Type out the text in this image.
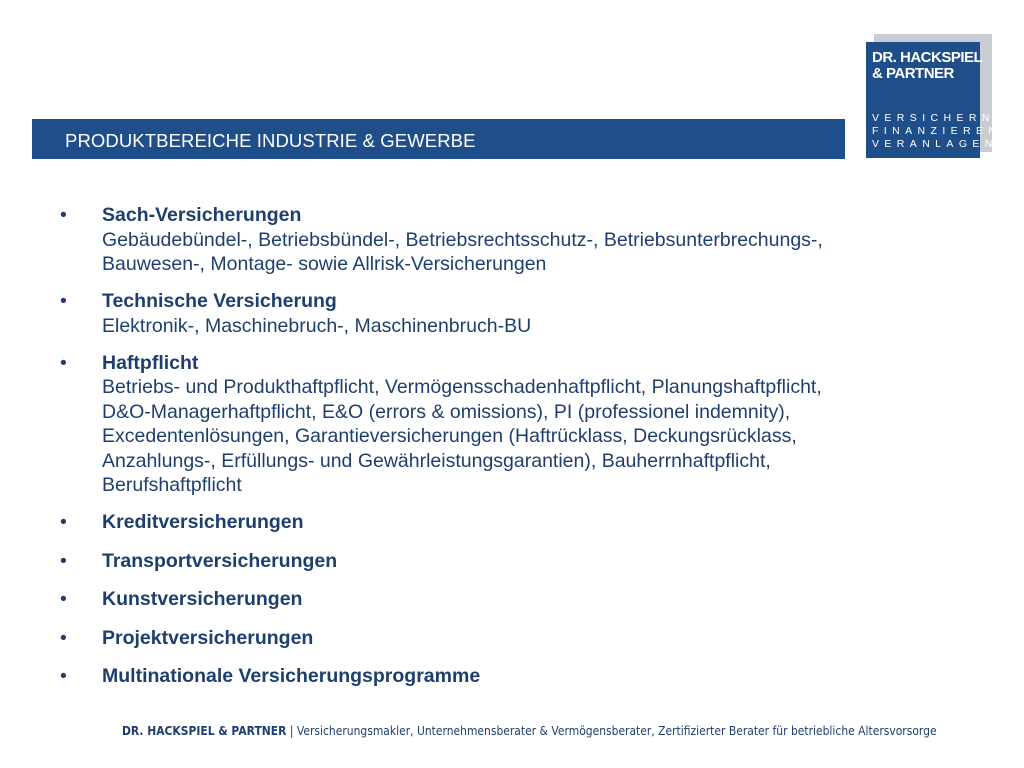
PRODUKTBEREICHE INDUSTRIE & GEWERBE
DR. HACKSPIEL
& PARTNER
VERSICHERN
FINANZIEREN
VERANLAGEN
• Sach-Versicherungen
Gebäudebündel-, Betriebsbündel-, Betriebsrechtsschutz-, Betriebsunterbrechungs-,
Bauwesen-, Montage- sowie Allrisk-Versicherungen
• Technische Versicherung
Elektronik-, Maschinebruch-, Maschinenbruch-BU
• Haftpflicht
Betriebs- und Produkthaftpflicht, Vermögensschadenhaftpflicht, Planungshaftpflicht,
D&O-Managerhaftpflicht, E&O (errors & omissions), PI (professionel indemnity),
Excedentenlösungen, Garantieversicherungen (Haftrücklass, Deckungsrücklass,
Anzahlungs-, Erfüllungs- und Gewährleistungsgarantien), Bauherrnhaftpflicht,
Berufshaftpflicht
• Kreditversicherungen
• Transportversicherungen
• Kunstversicherungen
• Projektversicherungen
• Multinationale Versicherungsprogramme
DR. HACKSPIEL & PARTNER | Versicherungsmakler, Unternehmensberater & Vermögensberater, Zertifizierter Berater für betriebliche Altersvorsorge
